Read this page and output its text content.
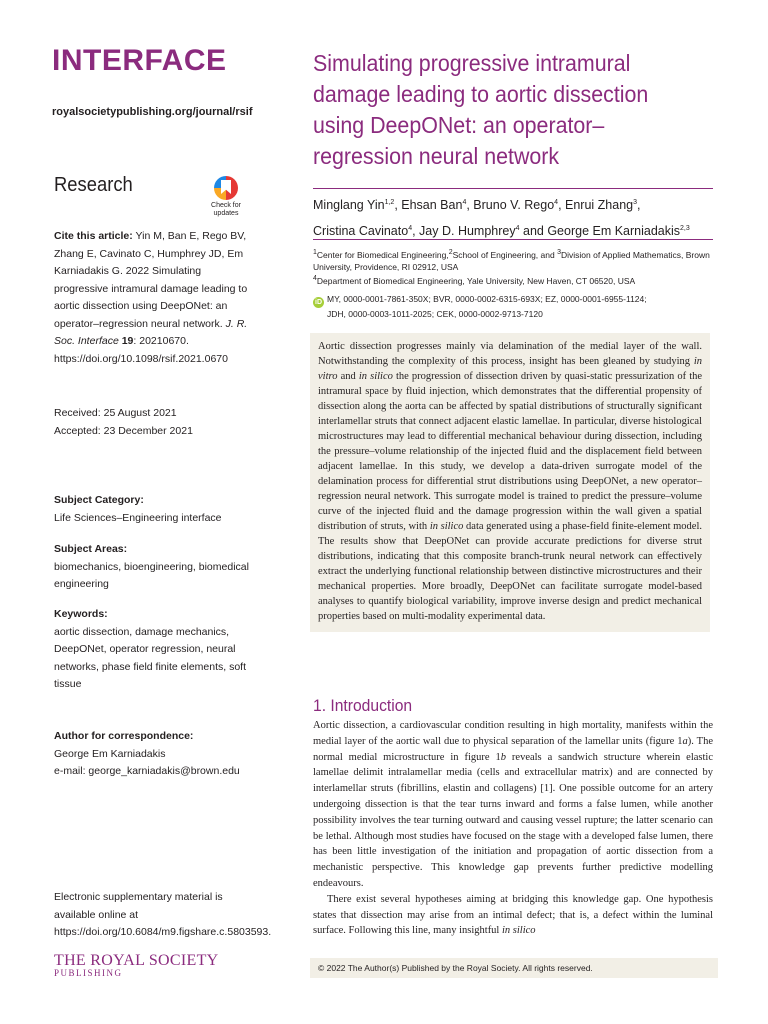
INTERFACE
royalsocietypublishing.org/journal/rsif
Research
Check for updates
Cite this article: Yin M, Ban E, Rego BV, Zhang E, Cavinato C, Humphrey JD, Em Karniadakis G. 2022 Simulating progressive intramural damage leading to aortic dissection using DeepONet: an operator–regression neural network. J. R. Soc. Interface 19: 20210670.
https://doi.org/10.1098/rsif.2021.0670
Received: 25 August 2021
Accepted: 23 December 2021
Subject Category:
Life Sciences–Engineering interface
Subject Areas:
biomechanics, bioengineering, biomedical engineering
Keywords:
aortic dissection, damage mechanics, DeepONet, operator regression, neural networks, phase field finite elements, soft tissue
Author for correspondence:
George Em Karniadakis
e-mail: george_karniadakis@brown.edu
Electronic supplementary material is available online at https://doi.org/10.6084/m9.figshare.c.5803593.
THE ROYAL SOCIETY
PUBLISHING
Simulating progressive intramural damage leading to aortic dissection using DeepONet: an operator–regression neural network
Minglang Yin$^{1,2}$, Ehsan Ban$^4$, Bruno V. Rego$^4$, Enrui Zhang$^3$,
Cristina Cavinato$^4$, Jay D. Humphrey$^4$ and George Em Karniadakis$^{2,3}$
$^1$Center for Biomedical Engineering,$^2$School of Engineering, and $^3$Division of Applied Mathematics, Brown University, Providence, RI 02912, USA
$^4$Department of Biomedical Engineering, Yale University, New Haven, CT 06520, USA
iD MY, 0000-0001-7861-350X; BVR, 0000-0002-6315-693X; EZ, 0000-0001-6955-1124;
JDH, 0000-0003-1011-2025; CEK, 0000-0002-9713-7120
Aortic dissection progresses mainly via delamination of the medial layer of the wall. Notwithstanding the complexity of this process, insight has been gleaned by studying in vitro and in silico the progression of dissection driven by quasi-static pressurization of the intramural space by fluid injection, which demonstrates that the differential propensity of dissection along the aorta can be affected by spatial distributions of structurally significant interlamellar struts that connect adjacent elastic lamellae. In particular, diverse histological microstructures may lead to differential mechanical behaviour during dissection, including the pressure–volume relationship of the injected fluid and the displacement field between adjacent lamellae. In this study, we develop a data-driven surrogate model of the delamination process for differential strut distributions using DeepONet, a new operator–regression neural network. This surrogate model is trained to predict the pressure–volume curve of the injected fluid and the damage progression within the wall given a spatial distribution of struts, with in silico data generated using a phase-field finite-element model. The results show that DeepONet can provide accurate predictions for diverse strut distributions, indicating that this composite branch-trunk neural network can effectively extract the underlying functional relationship between distinctive microstructures and their mechanical properties. More broadly, DeepONet can facilitate surrogate model-based analyses to quantify biological variability, improve inverse design and predict mechanical properties based on multi-modality experimental data.
1. Introduction

Aortic dissection, a cardiovascular condition resulting in high mortality, manifests within the medial layer of the aortic wall due to physical separation of the lamellar units (figure 1a). The normal medial microstructure in figure 1b reveals a sandwich structure wherein elastic lamellae delimit intralamellar media (cells and extracellular matrix) and are connected by interlamellar struts (fibrillins, elastin and collagens) [1]. One possible outcome for an artery undergoing dissection is that the tear turns inward and forms a false lumen, while another possibility involves the tear turning outward and causing vessel rupture; the latter scenario can be lethal. Although most studies have focused on the stage with a developed false lumen, there has been little investigation of the initiation and propagation of aortic dissection from a mechanistic perspective. This knowledge gap prevents further predictive modelling endeavours.

There exist several hypotheses aiming at bridging this knowledge gap. One hypothesis states that dissection may arise from an intimal defect; that is, a defect within the luminal surface. Following this line, many insightful in silico

© 2022 The Author(s) Published by the Royal Society. All rights reserved.
